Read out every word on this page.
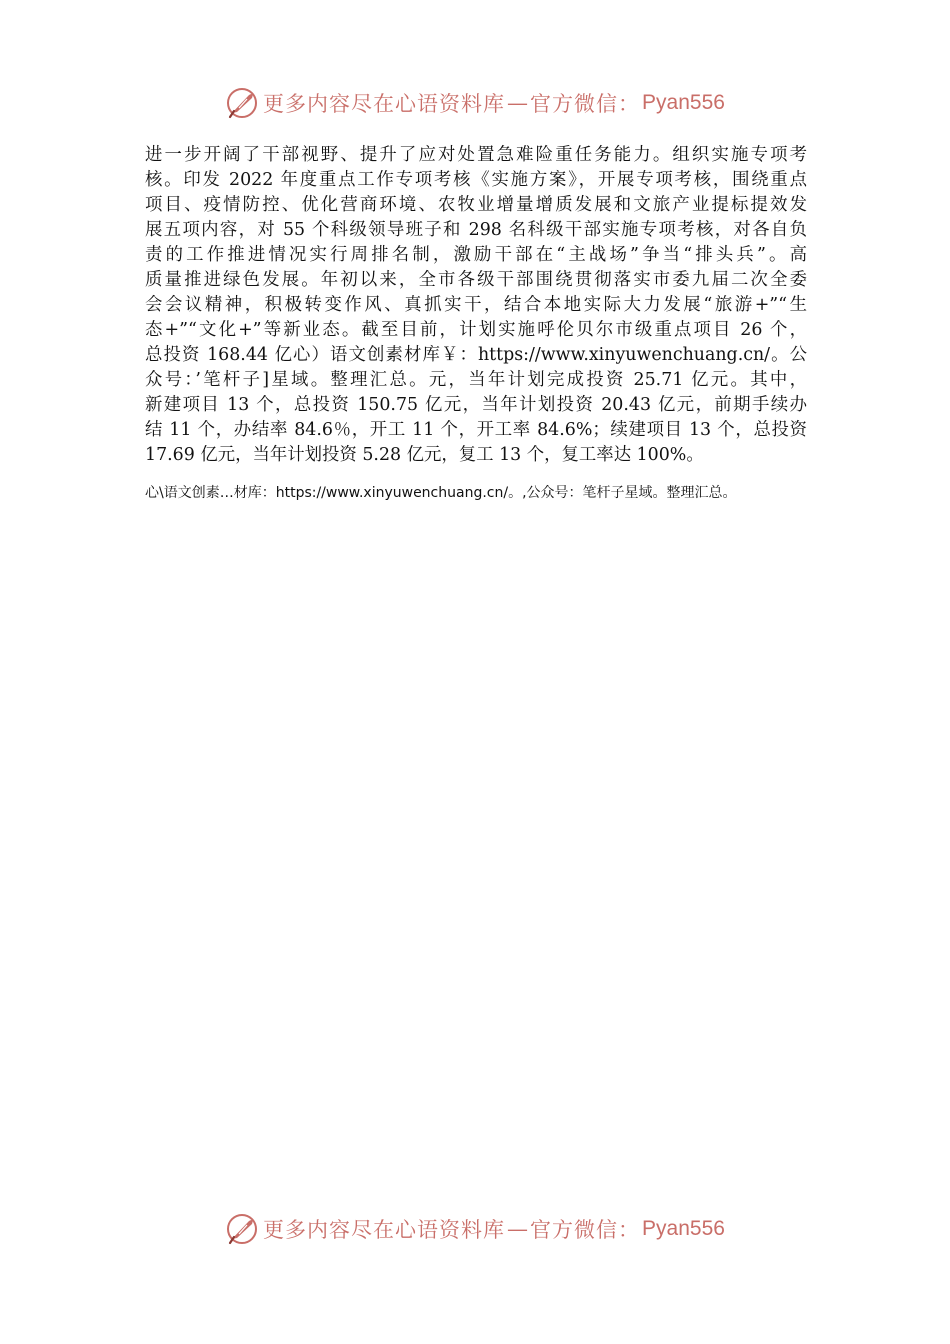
更多内容尽在心语资料库 — 官方微信： Pyan556
进一步开阔了干部视野、提升了应对处置急难险重任务能力。组织实施专项考
核。印发 2022 年度重点工作专项考核《实施方案》，开展专项考核，围绕重点
项目、疫情防控、优化营商环境、农牧业增量增质发展和文旅产业提标提效发
展五项内容，对 55 个科级领导班子和 298 名科级干部实施专项考核，对各自负
责的工作推进情况实行周排名制，激励干部在“主战场”争当“排头兵”。高
质量推进绿色发展。年初以来，全市各级干部围绕贯彻落实市委九届二次全委
会会议精神，积极转变作风、真抓实干，结合本地实际大力发展“旅游+”“生
态+”“文化+”等新业态。截至目前，计划实施呼伦贝尔市级重点项目 26 个，
总投资 168.44 亿心）语文创素材库￥：https://www.xinyuwenchuang.cn/。公
众号：’笔杆子]星域。整理汇总。元，当年计划完成投资 25.71 亿元。其中，
新建项目 13 个，总投资 150.75 亿元，当年计划投资 20.43 亿元，前期手续办
结 11 个，办结率 84.6％，开工 11 个，开工率 84.6%；续建项目 13 个，总投资
17.69 亿元，当年计划投资 5.28 亿元，复工 13 个，复工率达 100%。
心\语文创素…材库：https://www.xinyuwenchuang.cn/。,公众号：笔杆子星域。整理汇总。
更多内容尽在心语资料库 — 官方微信： Pyan556
